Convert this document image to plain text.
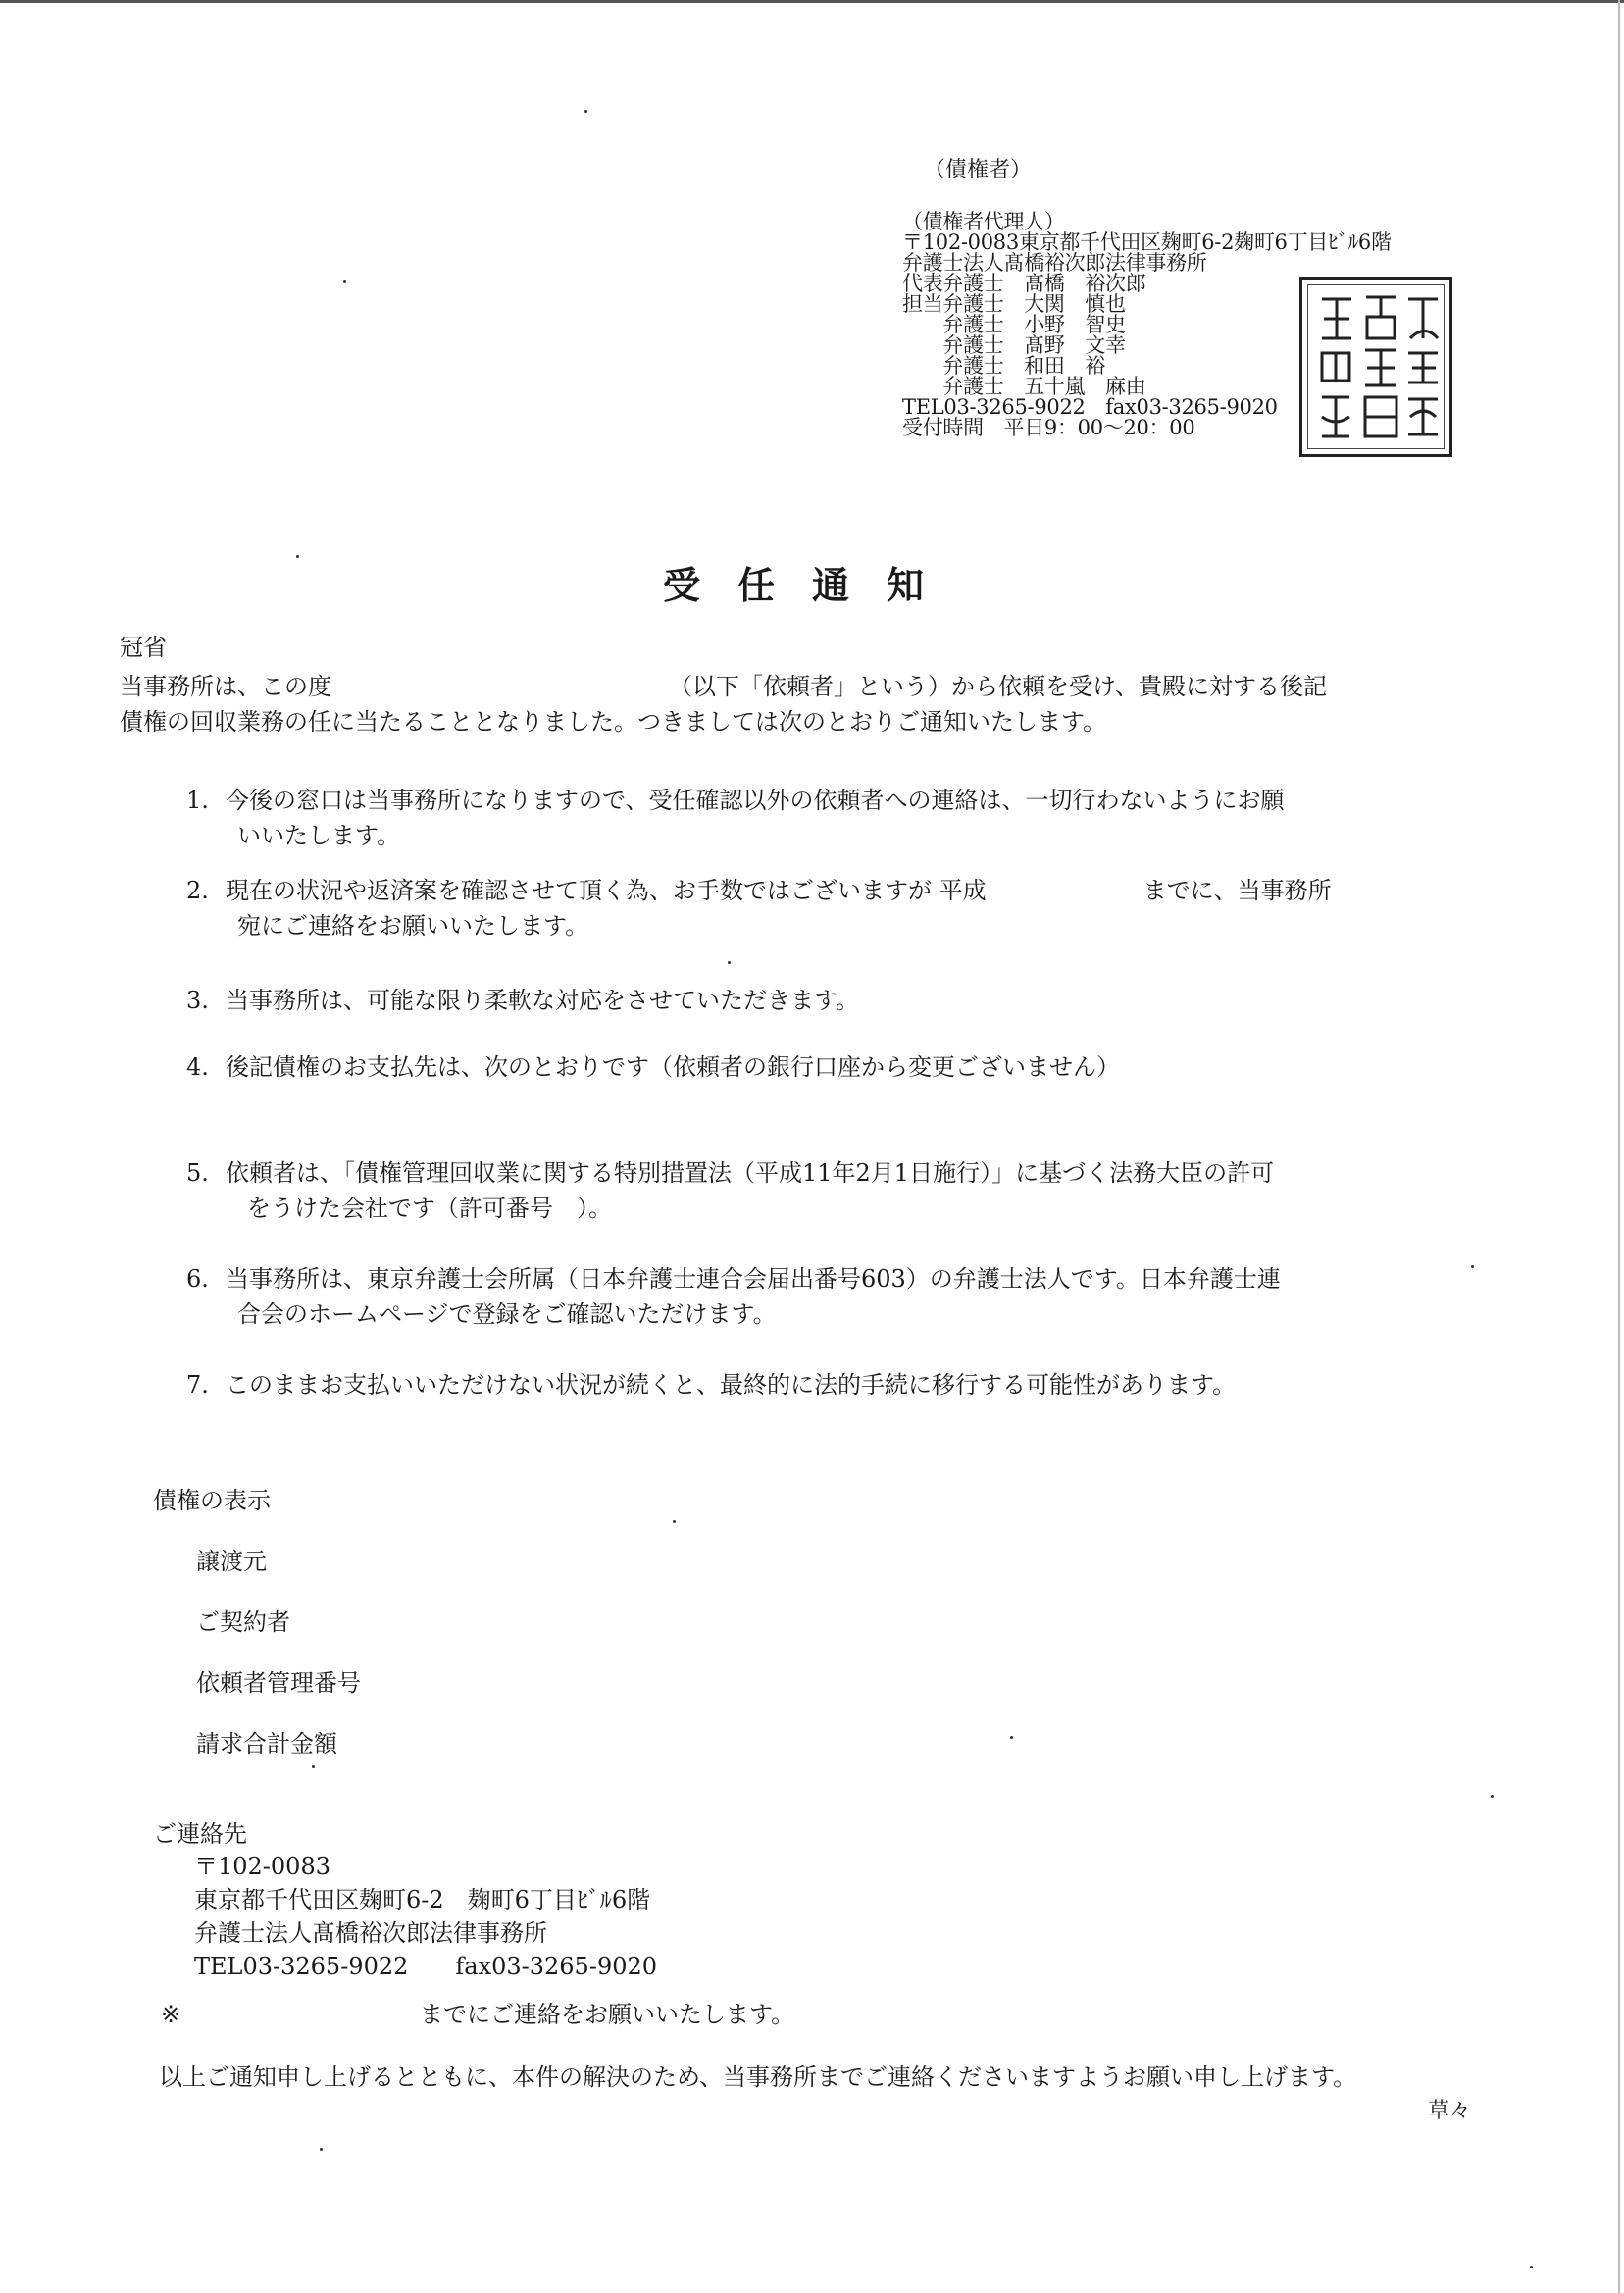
（債権者）
（債権者代理人）
〒102-0083東京都千代田区麹町6-2麹町6丁目ﾋﾞﾙ6階
弁護士法人髙橋裕次郎法律事務所
代表弁護士　髙橋　裕次郎
担当弁護士　大関　慎也
　　弁護士　小野　智史
　　弁護士　髙野　文幸
　　弁護士　和田　裕
　　弁護士　五十嵐　麻由
TEL03-3265-9022　fax03-3265-9020
受付時間　平日9：00～20：00
受任通知
冠省
当事務所は、この度	（以下「依頼者」という）から依頼を受け、貴殿に対する後記
債権の回収業務の任に当たることとなりました。つきましては次のとおりご通知いたします。
1. 今後の窓口は当事務所になりますので、受任確認以外の依頼者への連絡は、一切行わないようにお願
いいたします。
2. 現在の状況や返済案を確認させて頂く為、お手数ではございますが 平成	までに、当事務所
宛にご連絡をお願いいたします。
3. 当事務所は、可能な限り柔軟な対応をさせていただきます。
4. 後記債権のお支払先は、次のとおりです（依頼者の銀行口座から変更ございません）
5. 依頼者は、「債権管理回収業に関する特別措置法（平成11年2月1日施行）」に基づく法務大臣の許可
をうけた会社です（許可番号　）。
6. 当事務所は、東京弁護士会所属（日本弁護士連合会届出番号603）の弁護士法人です。日本弁護士連
合会のホームページで登録をご確認いただけます。
7. このままお支払いいただけない状況が続くと、最終的に法的手続に移行する可能性があります。
債権の表示
譲渡元
ご契約者
依頼者管理番号
請求合計金額
ご連絡先
〒102-0083
東京都千代田区麹町6-2　麹町6丁目ﾋﾞﾙ6階
弁護士法人髙橋裕次郎法律事務所
TEL03-3265-9022　　fax03-3265-9020
※	までにご連絡をお願いいたします。
以上ご通知申し上げるとともに、本件の解決のため、当事務所までご連絡くださいますようお願い申し上げます。
草々
